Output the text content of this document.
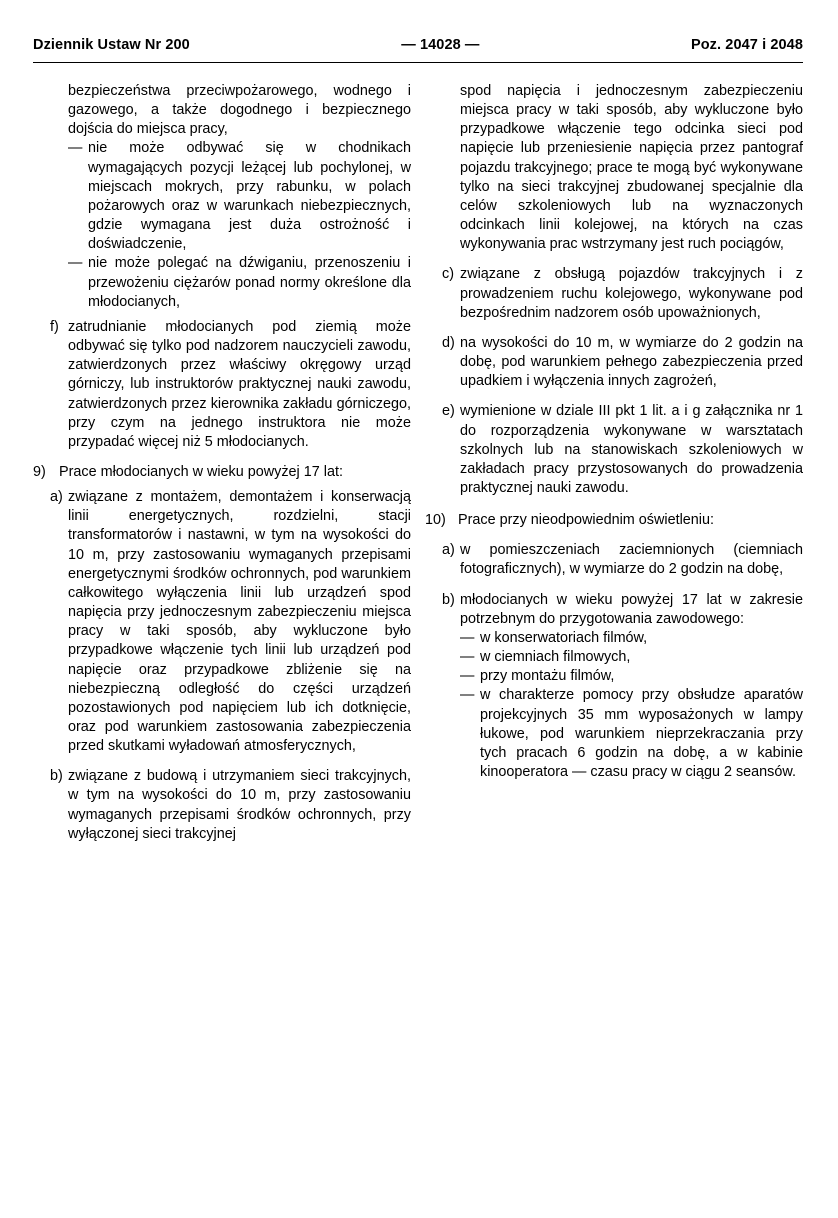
Dziennik Ustaw Nr 200	— 14028 —	Poz. 2047 i 2048
bezpieczeństwa przeciwpożarowego, wodnego i gazowego, a także dogodnego i bezpiecznego dojścia do miejsca pracy,
— nie może odbywać się w chodnikach wymagających pozycji leżącej lub pochylonej, w miejscach mokrych, przy rabunku, w polach pożarowych oraz w warunkach niebezpiecznych, gdzie wymagana jest duża ostrożność i doświadczenie,
— nie może polegać na dźwiganiu, przenoszeniu i przewożeniu ciężarów ponad normy określone dla młodocianych,
f) zatrudnianie młodocianych pod ziemią może odbywać się tylko pod nadzorem nauczycieli zawodu, zatwierdzonych przez właściwy okręgowy urząd górniczy, lub instruktorów praktycznej nauki zawodu, zatwierdzonych przez kierownika zakładu górniczego, przy czym na jednego instruktora nie może przypadać więcej niż 5 młodocianych.
9) Prace młodocianych w wieku powyżej 17 lat:
a) związane z montażem, demontażem i konserwacją linii energetycznych, rozdzielni, stacji transformatorów i nastawni, w tym na wysokości do 10 m, przy zastosowaniu wymaganych przepisami energetycznymi środków ochronnych, pod warunkiem całkowitego wyłączenia linii lub urządzeń spod napięcia przy jednoczesnym zabezpieczeniu miejsca pracy w taki sposób, aby wykluczone było przypadkowe włączenie tych linii lub urządzeń pod napięcie oraz przypadkowe zbliżenie się na niebezpieczną odległość do części urządzeń pozostawionych pod napięciem lub ich dotknięcie, oraz pod warunkiem zastosowania zabezpieczenia przed skutkami wyładowań atmosferycznych,
b) związane z budową i utrzymaniem sieci trakcyjnych, w tym na wysokości do 10 m, przy zastosowaniu wymaganych przepisami środków ochronnych, przy wyłączonej sieci trakcyjnej
spod napięcia i jednoczesnym zabezpieczeniu miejsca pracy w taki sposób, aby wykluczone było przypadkowe włączenie tego odcinka sieci pod napięcie lub przeniesienie napięcia przez pantograf pojazdu trakcyjnego; prace te mogą być wykonywane tylko na sieci trakcyjnej zbudowanej specjalnie dla celów szkoleniowych lub na wyznaczonych odcinkach linii kolejowej, na których na czas wykonywania prac wstrzymany jest ruch pociągów,
c) związane z obsługą pojazdów trakcyjnych i z prowadzeniem ruchu kolejowego, wykonywane pod bezpośrednim nadzorem osób upoważnionych,
d) na wysokości do 10 m, w wymiarze do 2 godzin na dobę, pod warunkiem pełnego zabezpieczenia przed upadkiem i wyłączenia innych zagrożeń,
e) wymienione w dziale III pkt 1 lit. a i g załącznika nr 1 do rozporządzenia wykonywane w warsztatach szkolnych lub na stanowiskach szkoleniowych w zakładach pracy przystosowanych do prowadzenia praktycznej nauki zawodu.
10) Prace przy nieodpowiednim oświetleniu:
a) w pomieszczeniach zaciemnionych (ciemniach fotograficznych), w wymiarze do 2 godzin na dobę,
b) młodocianych w wieku powyżej 17 lat w zakresie potrzebnym do przygotowania zawodowego:
— w konserwatoriach filmów,
— w ciemniach filmowych,
— przy montażu filmów,
— w charakterze pomocy przy obsłudze aparatów projekcyjnych 35 mm wyposażonych w lampy łukowe, pod warunkiem nieprzekraczania przy tych pracach 6 godzin na dobę, a w kabinie kinooperatora — czasu pracy w ciągu 2 seansów.
